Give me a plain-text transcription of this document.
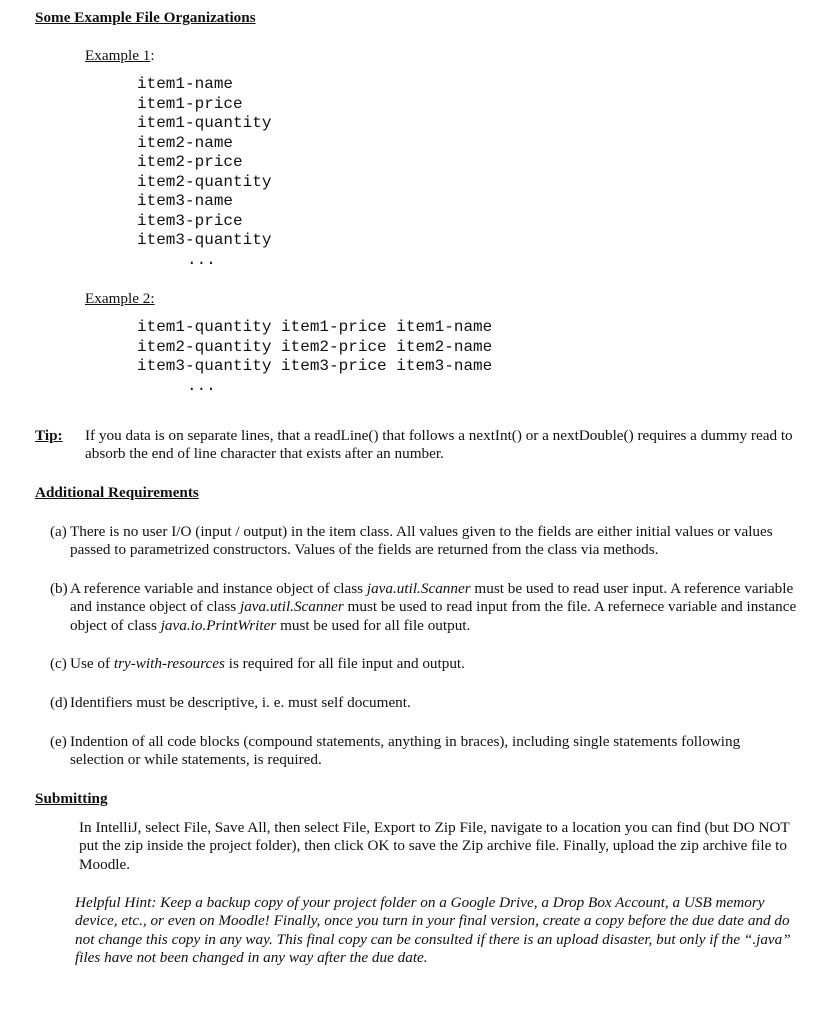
Some Example File Organizations
Example 1:
item1-name
item1-price
item1-quantity
item2-name
item2-price
item2-quantity
item3-name
item3-price
item3-quantity
...
Example 2:
item1-quantity item1-price item1-name
item2-quantity item2-price item2-name
item3-quantity item3-price item3-name
...
Tip: If you data is on separate lines, that a readLine() that follows a nextInt() or a nextDouble() requires a dummy read to absorb the end of line character that exists after an number.
Additional Requirements
(a) There is no user I/O (input / output) in the item class. All values given to the fields are either initial values or values passed to parametrized constructors. Values of the fields are returned from the class via methods.
(b) A reference variable and instance object of class java.util.Scanner must be used to read user input. A reference variable and instance object of class java.util.Scanner must be used to read input from the file. A refernece variable and instance object of class java.io.PrintWriter must be used for all file output.
(c) Use of try-with-resources is required for all file input and output.
(d) Identifiers must be descriptive, i. e. must self document.
(e) Indention of all code blocks (compound statements, anything in braces), including single statements following selection or while statements, is required.
Submitting
In IntelliJ, select File, Save All, then select File, Export to Zip File, navigate to a location you can find (but DO NOT put the zip inside the project folder), then click OK to save the Zip archive file. Finally, upload the zip archive file to Moodle.
Helpful Hint: Keep a backup copy of your project folder on a Google Drive, a Drop Box Account, a USB memory device, etc., or even on Moodle! Finally, once you turn in your final version, create a copy before the due date and do not change this copy in any way. This final copy can be consulted if there is an upload disaster, but only if the “.java” files have not been changed in any way after the due date.
